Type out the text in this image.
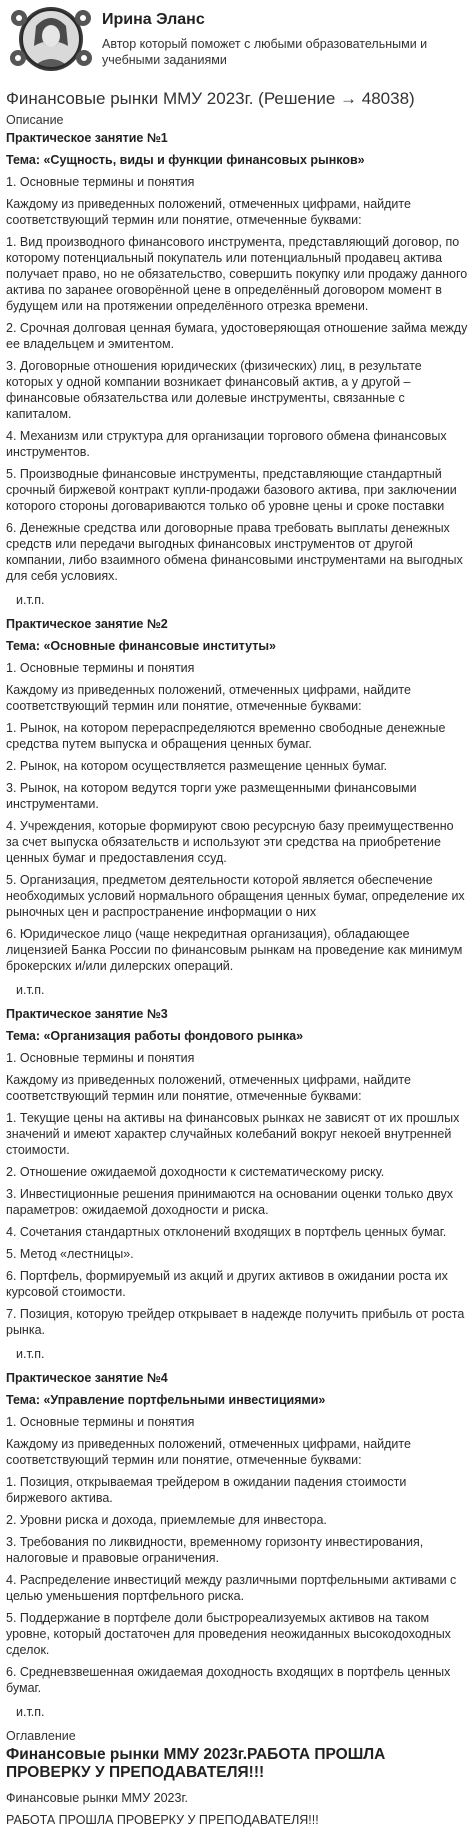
Ирина Эланс
Автор который поможет с любыми образовательными и учебными заданиями
Финансовые рынки ММУ 2023г. (Решение → 48038)
Описание
Практическое занятие №1
Тема: «Сущность, виды и функции финансовых рынков»
1. Основные термины и понятия
Каждому из приведенных положений, отмеченных цифрами, найдите соответствующий термин или понятие, отмеченные буквами:
1. Вид производного финансового инструмента, представляющий договор, по которому потенциальный покупатель или потенциальный продавец актива получает право, но не обязательство, совершить покупку или продажу данного актива по заранее оговорённой цене в определённый договором момент в будущем или на протяжении определённого отрезка времени.
2. Срочная долговая ценная бумага, удостоверяющая отношение займа между ее владельцем и эмитентом.
3. Договорные отношения юридических (физических) лиц, в результате которых у одной компании возникает финансовый актив, а у другой – финансовые обязательства или долевые инструменты, связанные с капиталом.
4. Механизм или структура для организации торгового обмена финансовых инструментов.
5. Производные финансовые инструменты, представляющие стандартный срочный биржевой контракт купли-продажи базового актива, при заключении которого стороны договариваются только об уровне цены и сроке поставки
6. Денежные средства или договорные права требовать выплаты денежных средств или передачи выгодных финансовых инструментов от другой компании, либо взаимного обмена финансовыми инструментами на выгодных для себя условиях.
и.т.п.
Практическое занятие №2
Тема: «Основные финансовые институты»
1. Основные термины и понятия
Каждому из приведенных положений, отмеченных цифрами, найдите соответствующий термин или понятие, отмеченные буквами:
1. Рынок, на котором перераспределяются временно свободные денежные средства путем выпуска и обращения ценных бумаг.
2. Рынок, на котором осуществляется размещение ценных бумаг.
3. Рынок, на котором ведутся торги уже размещенными финансовыми инструментами.
4. Учреждения, которые формируют свою ресурсную базу преимущественно за счет выпуска обязательств и используют эти средства на приобретение ценных бумаг и предоставления ссуд.
5. Организация, предметом деятельности которой является обеспечение необходимых условий нормального обращения ценных бумаг, определение их рыночных цен и распространение информации о них
6. Юридическое лицо (чаще некредитная организация), обладающее лицензией Банка России по финансовым рынкам на проведение как минимум брокерских и/или дилерских операций.
и.т.п.
Практическое занятие №3
Тема: «Организация работы фондового рынка»
1. Основные термины и понятия
Каждому из приведенных положений, отмеченных цифрами, найдите соответствующий термин или понятие, отмеченные буквами:
1. Текущие цены на активы на финансовых рынках не зависят от их прошлых значений и имеют характер случайных колебаний вокруг некоей внутренней стоимости.
2. Отношение ожидаемой доходности к систематическому риску.
3. Инвестиционные решения принимаются на основании оценки только двух параметров: ожидаемой доходности и риска.
4. Сочетания стандартных отклонений входящих в портфель ценных бумаг.
5. Метод «лестницы».
6. Портфель, формируемый из акций и других активов в ожидании роста их курсовой стоимости.
7. Позиция, которую трейдер открывает в надежде получить прибыль от роста рынка.
и.т.п.
Практическое занятие №4
Тема: «Управление портфельными инвестициями»
1. Основные термины и понятия
Каждому из приведенных положений, отмеченных цифрами, найдите соответствующий термин или понятие, отмеченные буквами:
1. Позиция, открываемая трейдером в ожидании падения стоимости биржевого актива.
2. Уровни риска и дохода, приемлемые для инвестора.
3. Требования по ликвидности, временному горизонту инвестирования, налоговые и правовые ограничения.
4. Распределение инвестиций между различными портфельными активами с целью уменьшения портфельного риска.
5. Поддержание в портфеле доли быстрореализуемых активов на таком уровне, который достаточен для проведения неожиданных высокодоходных сделок.
6. Средневзвешенная ожидаемая доходность входящих в портфель ценных бумаг.
и.т.п.
Оглавление
Финансовые рынки ММУ 2023г.РАБОТА ПРОШЛА ПРОВЕРКУ У ПРЕПОДАВАТЕЛЯ!!!
Финансовые рынки ММУ 2023г.
РАБОТА ПРОШЛА ПРОВЕРКУ У ПРЕПОДАВАТЕЛЯ!!!
